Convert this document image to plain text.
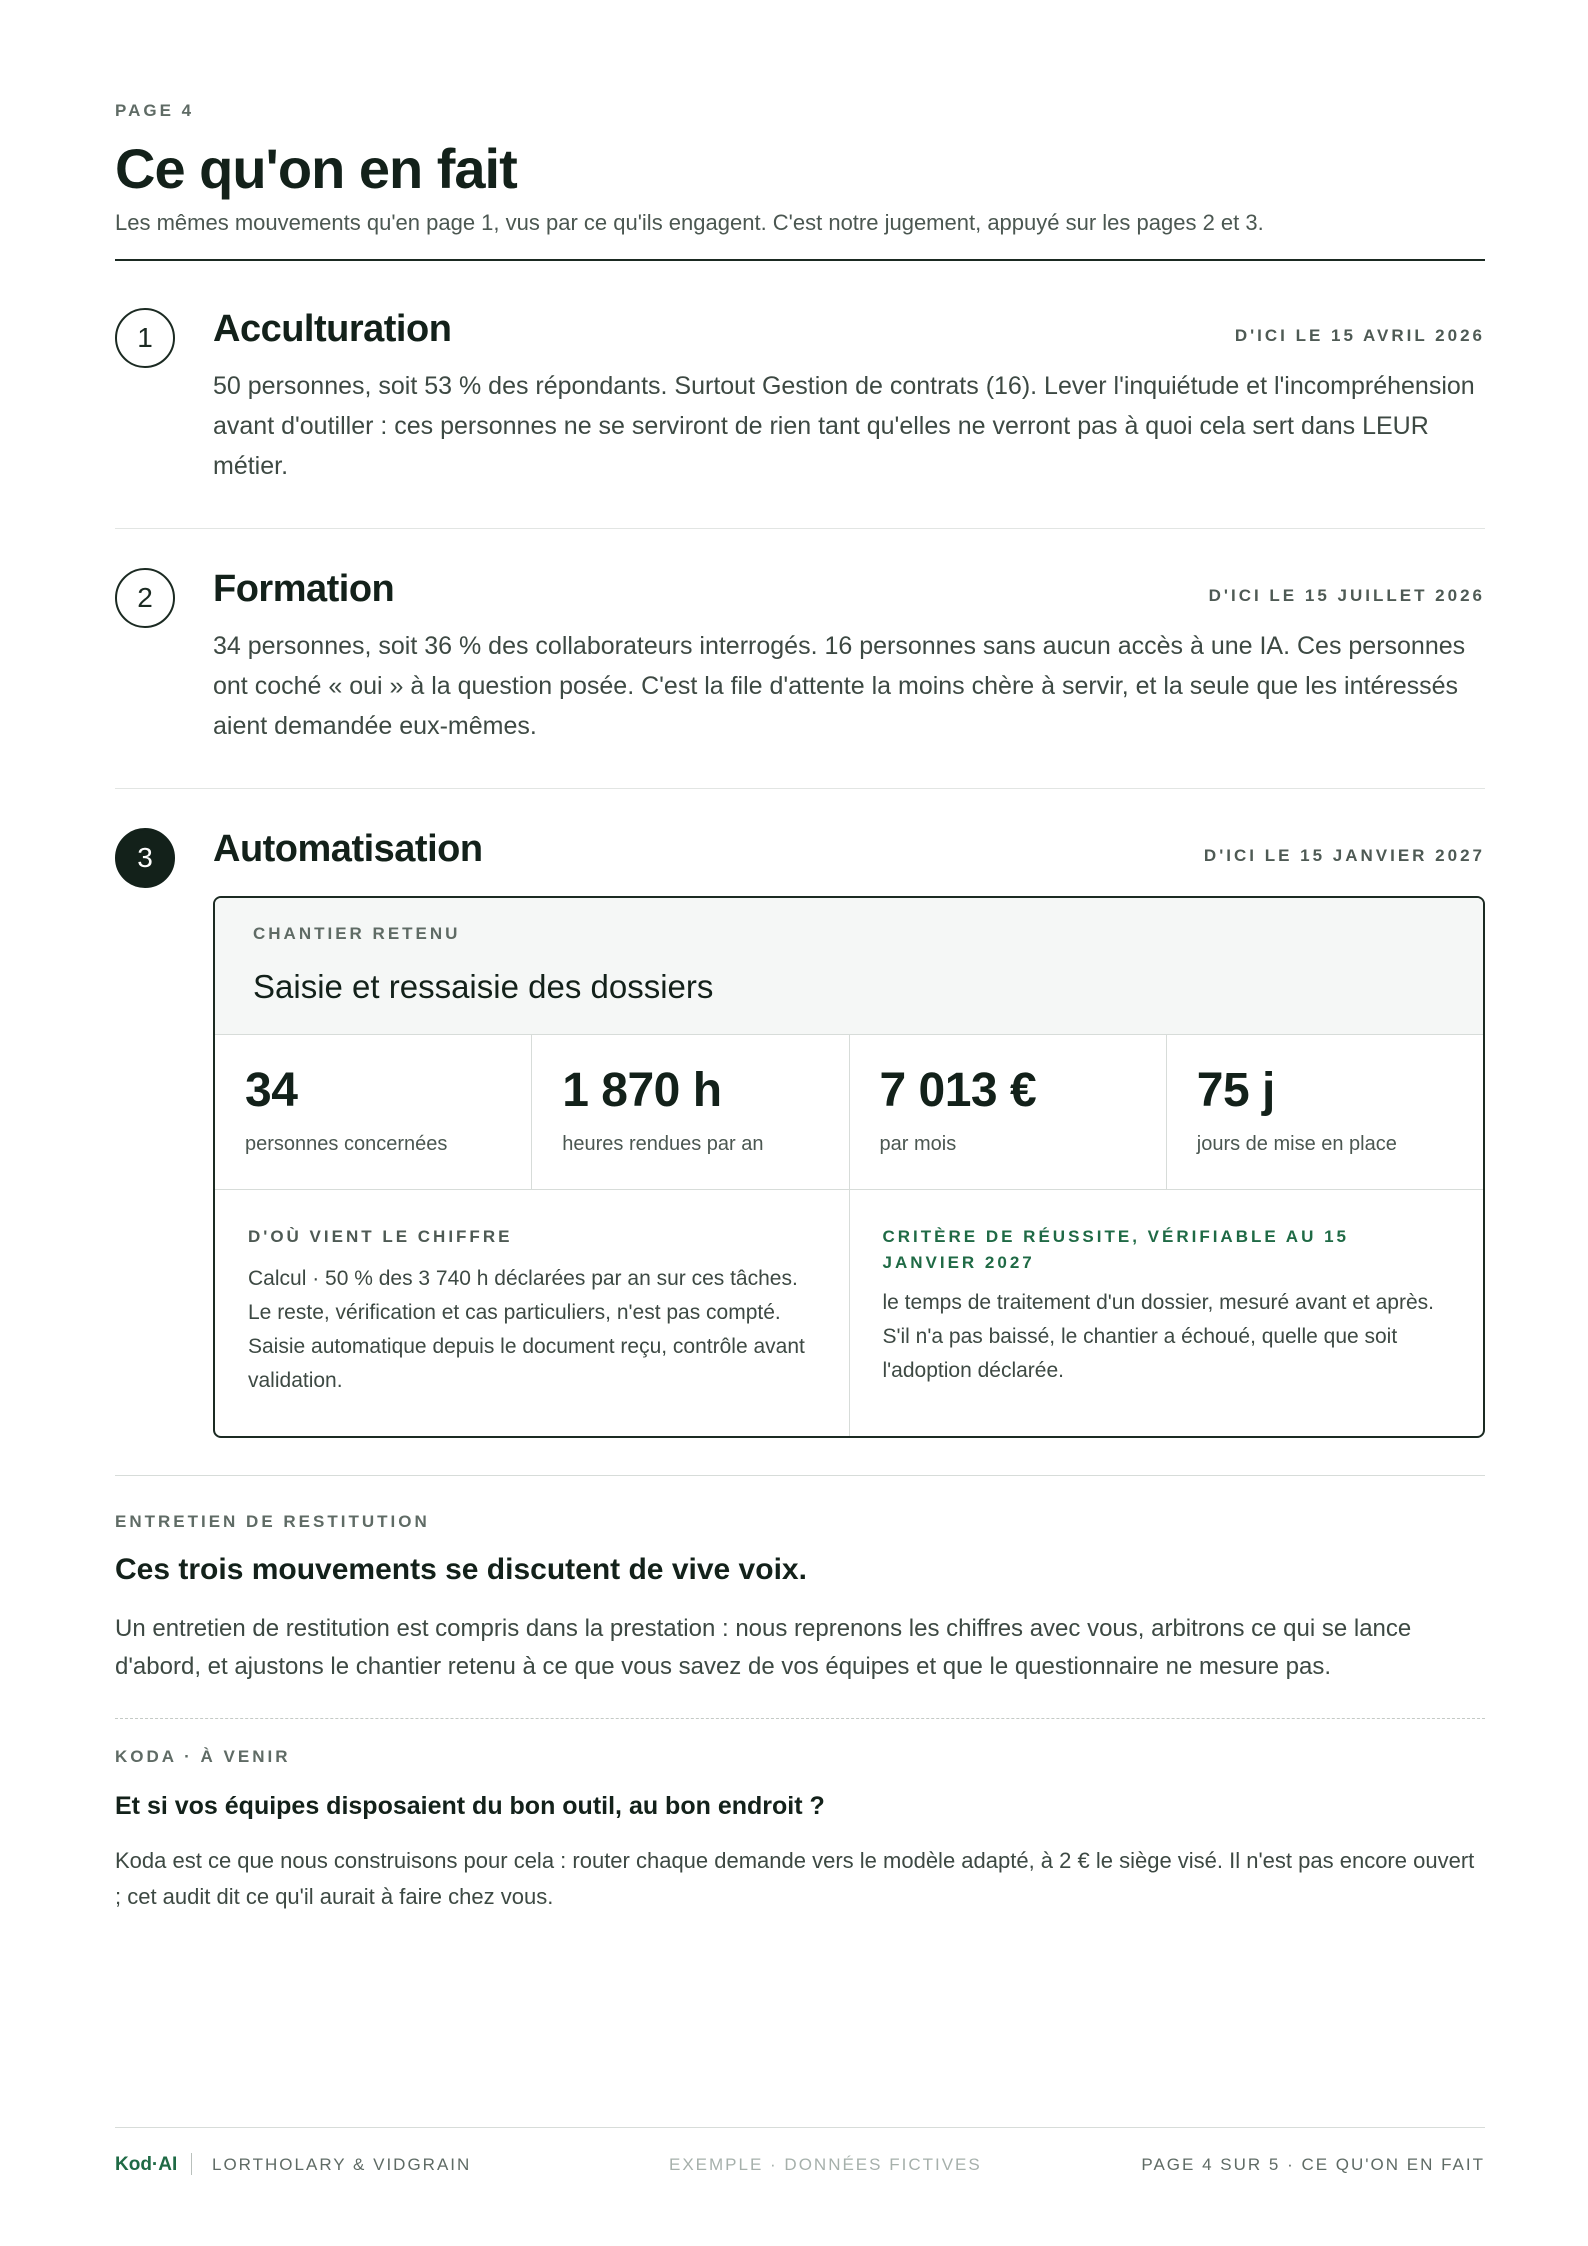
PAGE 4
Ce qu'on en fait

Les mêmes mouvements qu'en page 1, vus par ce qu'ils engagent. C'est notre jugement, appuyé sur les pages 2 et 3.

1	Acculturation	D'ICI LE 15 AVRIL 2026

50 personnes, soit 53 % des répondants. Surtout Gestion de contrats (16). Lever l'inquiétude et l'incompréhension avant d'outiller : ces personnes ne se serviront de rien tant qu'elles ne verront pas à quoi cela sert dans LEUR métier.

2	Formation	D'ICI LE 15 JUILLET 2026

34 personnes, soit 36 % des collaborateurs interrogés. 16 personnes sans aucun accès à une IA. Ces personnes ont coché « oui » à la question posée. C'est la file d'attente la moins chère à servir, et la seule que les intéressés aient demandée eux-mêmes.

3	Automatisation	D'ICI LE 15 JANVIER 2027
CHANTIER RETENU
Saisie et ressaisie des dossiers
34
personnes concernées
1 870 h
heures rendues par an
7 013 €
par mois
75 j
jours de mise en place
D'OÙ VIENT LE CHIFFRE

Calcul · 50 % des 3 740 h déclarées par an sur ces tâches. Le reste, vérification et cas particuliers, n'est pas compté. Saisie automatique depuis le document reçu, contrôle avant validation.

CRITÈRE DE RÉUSSITE, VÉRIFIABLE AU 15 JANVIER 2027

le temps de traitement d'un dossier, mesuré avant et après. S'il n'a pas baissé, le chantier a échoué, quelle que soit l'adoption déclarée.

ENTRETIEN DE RESTITUTION
Ces trois mouvements se discutent de vive voix.

Un entretien de restitution est compris dans la prestation : nous reprenons les chiffres avec vous, arbitrons ce qui se lance d'abord, et ajustons le chantier retenu à ce que vous savez de vos équipes et que le questionnaire ne mesure pas.

KODA · À VENIR
Et si vos équipes disposaient du bon outil, au bon endroit ?

Koda est ce que nous construisons pour cela : router chaque demande vers le modèle adapté, à 2 € le siège visé. Il n'est pas encore ouvert ; cet audit dit ce qu'il aurait à faire chez vous.

Kod·AI LORTHOLARY & VIDGRAIN	EXEMPLE · DONNÉES FICTIVES	PAGE 4 SUR 5 · CE QU'ON EN FAIT
